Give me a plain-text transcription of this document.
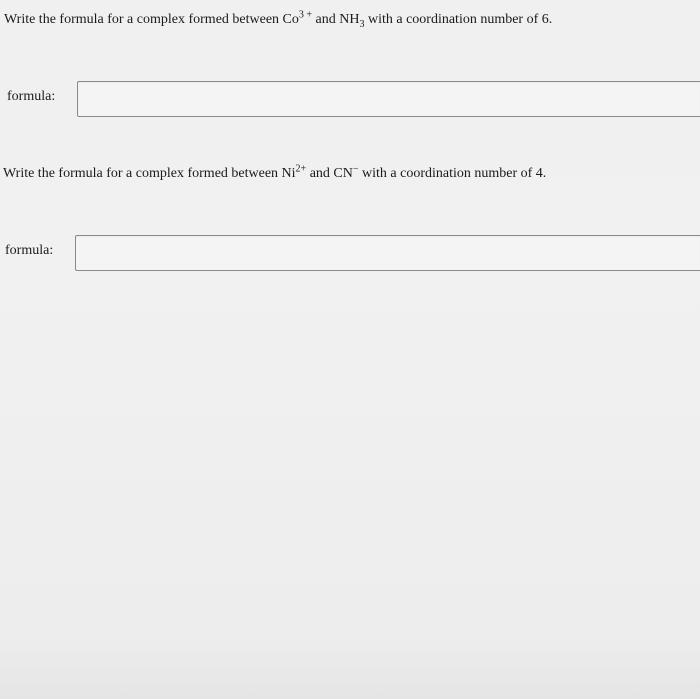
Write the formula for a complex formed between $Co^{3 +}$ and $NH_3$ with a coordination number of 6.
formula:
Write the formula for a complex formed between $Ni^{2+}$ and CN− with a coordination number of 4.
formula:
